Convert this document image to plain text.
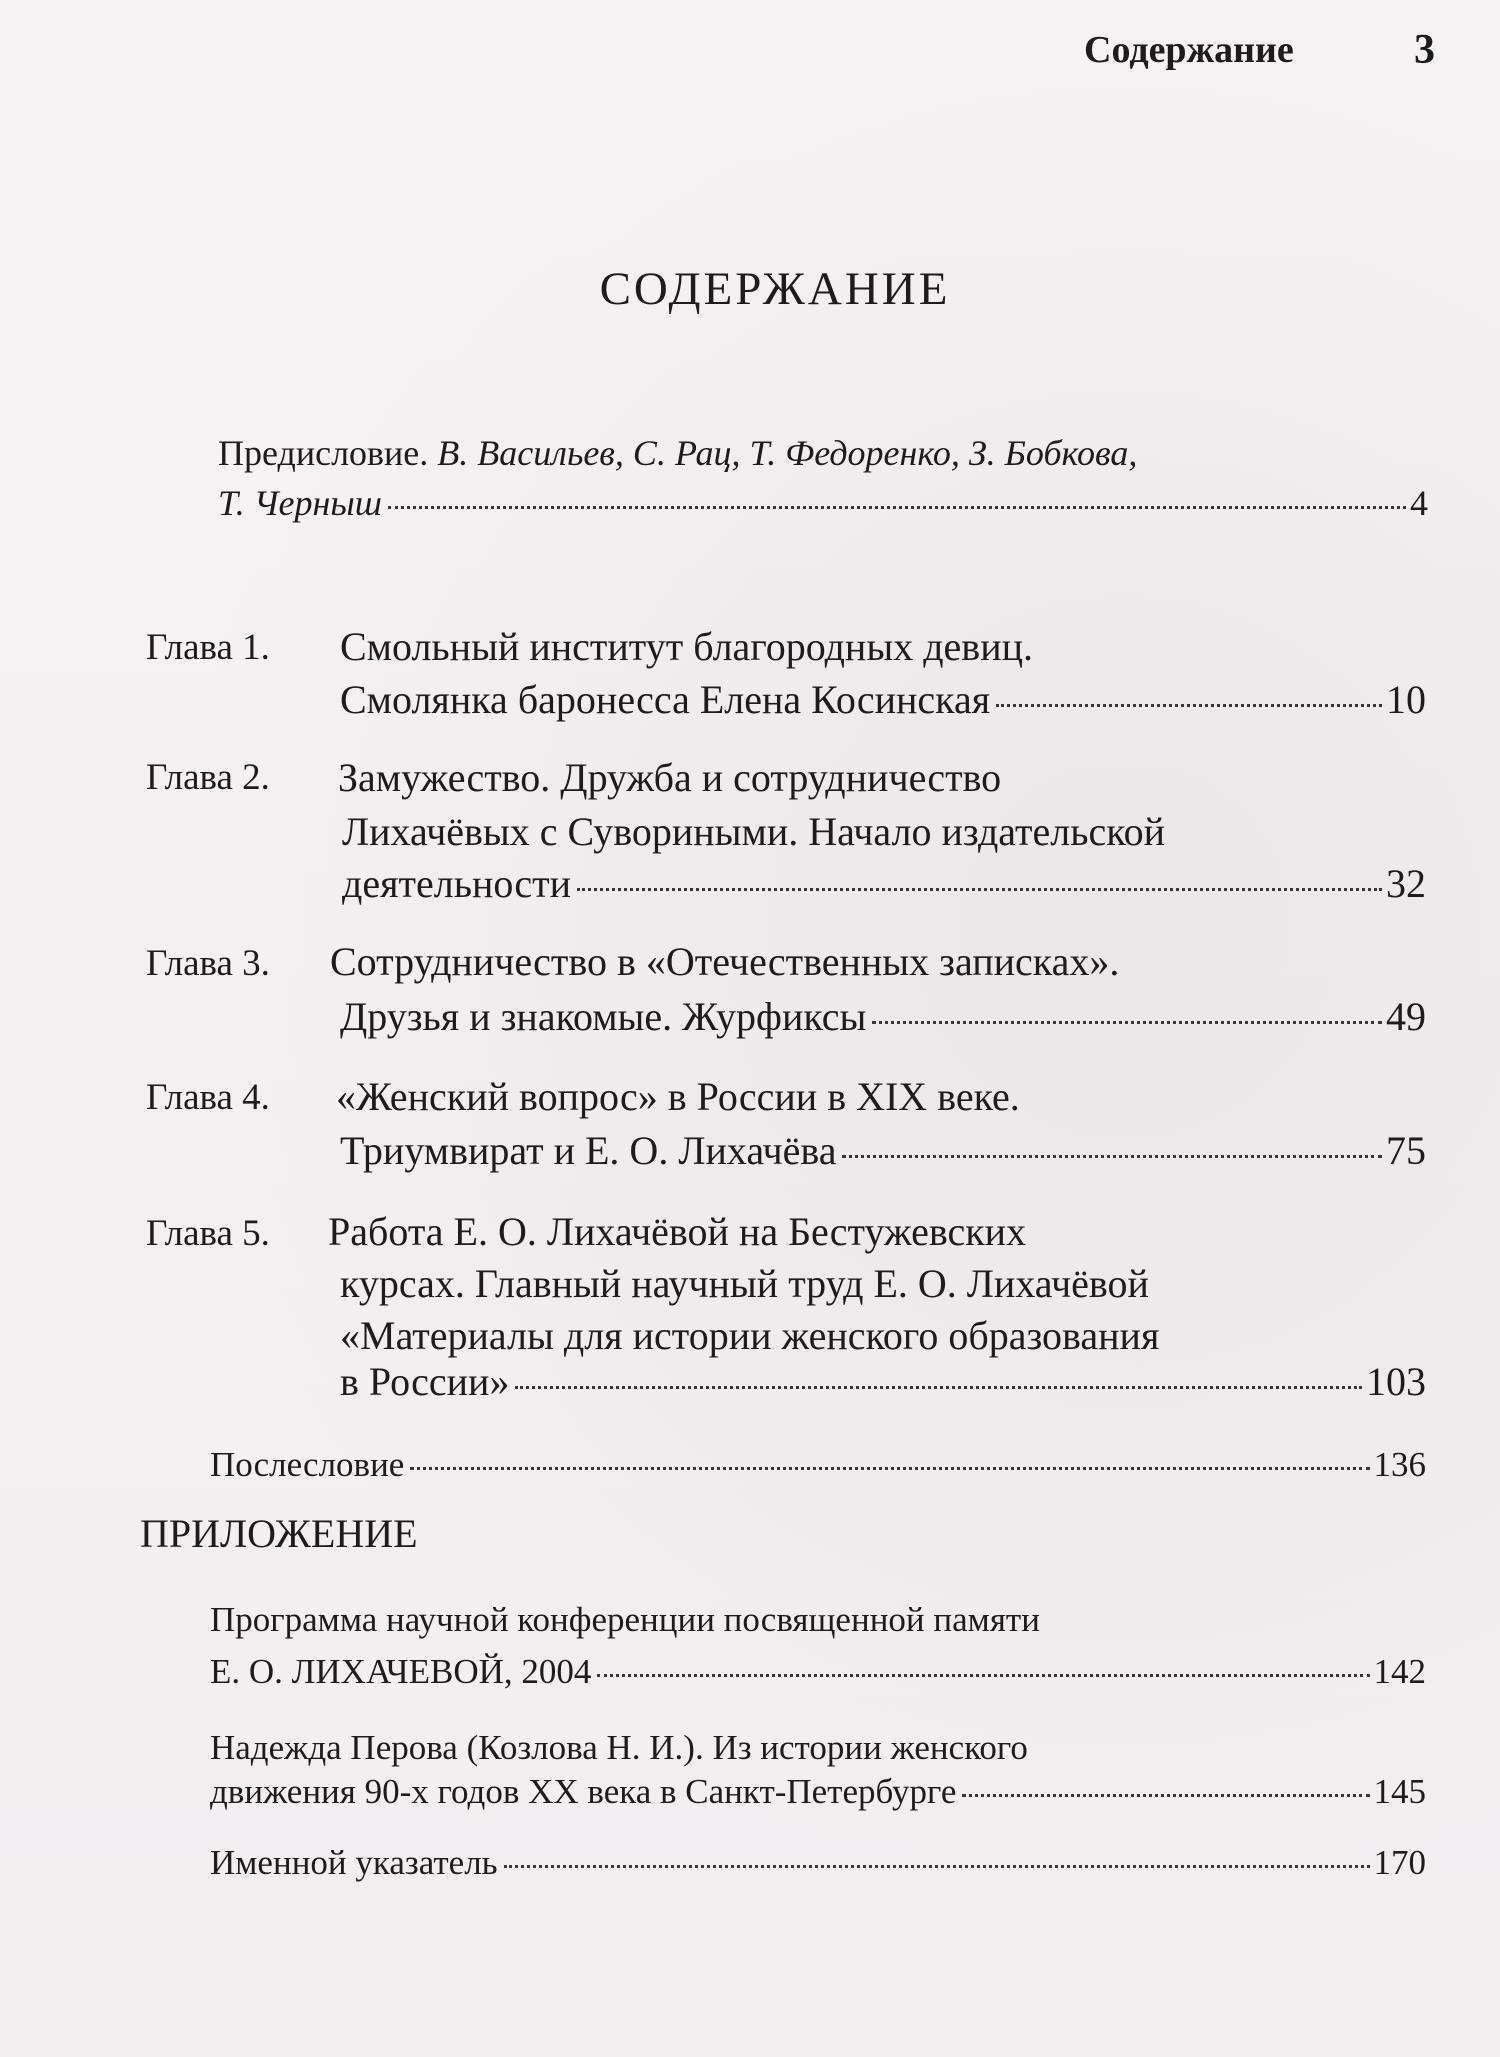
Содержание	3
СОДЕРЖАНИЕ
Предисловие. В. Васильев, С. Рац, Т. Федоренко, З. Бобкова,
Т. Черныш	4
Глава 1. Смольный институт благородных девиц.
Смолянка баронесса Елена Косинская	10
Глава 2. Замужество. Дружба и сотрудничество
Лихачёвых с Сувориными. Начало издательской
деятельности	32
Глава 3. Сотрудничество в «Отечественных записках».
Друзья и знакомые. Журфиксы	49
Глава 4. «Женский вопрос» в России в XIX веке.
Триумвират и Е. О. Лихачёва	75
Глава 5. Работа Е. О. Лихачёвой на Бестужевских
курсах. Главный научный труд Е. О. Лихачёвой
«Материалы для истории женского образования
в России»	103
Послесловие	136
ПРИЛОЖЕНИЕ
Программа научной конференции посвященной памяти
Е. О. ЛИХАЧЕВОЙ, 2004	142
Надежда Перова (Козлова Н. И.). Из истории женского
движения 90-х годов XX века в Санкт-Петербурге	145
Именной указатель	170
